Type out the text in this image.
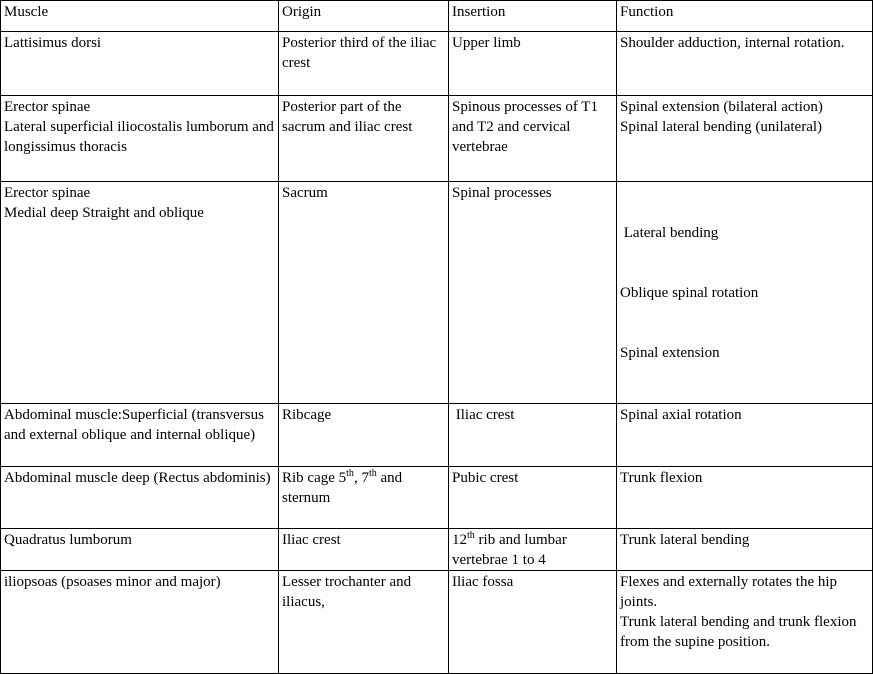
Muscle	Origin	Insertion	Function

Lattisimus dorsi	Posterior third of the iliac crest	Upper limb	Shoulder adduction, internal rotation.

Erector spinae
Lateral superficial iliocostalis lumborum and longissimus thoracis	Posterior part of the sacrum and iliac crest	Spinous processes of T1 and T2 and cervical vertebrae	Spinal extension (bilateral action)
Spinal lateral bending (unilateral)

Erector spinae
Medial deep Straight and oblique	Sacrum	Spinal processes	Lateral bending

Oblique spinal rotation

Spinal extension

Abdominal muscle:Superficial (transversus and external oblique and internal oblique)	Ribcage	Iliac crest	Spinal axial rotation

Abdominal muscle deep (Rectus abdominis)	Rib cage 5th, 7th and sternum	Pubic crest	Trunk flexion

Quadratus lumborum	Iliac crest	12th rib and lumbar vertebrae 1 to 4	Trunk lateral bending

iliopsoas (psoases minor and major)	Lesser trochanter and iliacus,	Iliac fossa	Flexes and externally rotates the hip joints.
Trunk lateral bending and trunk flexion from the supine position.
